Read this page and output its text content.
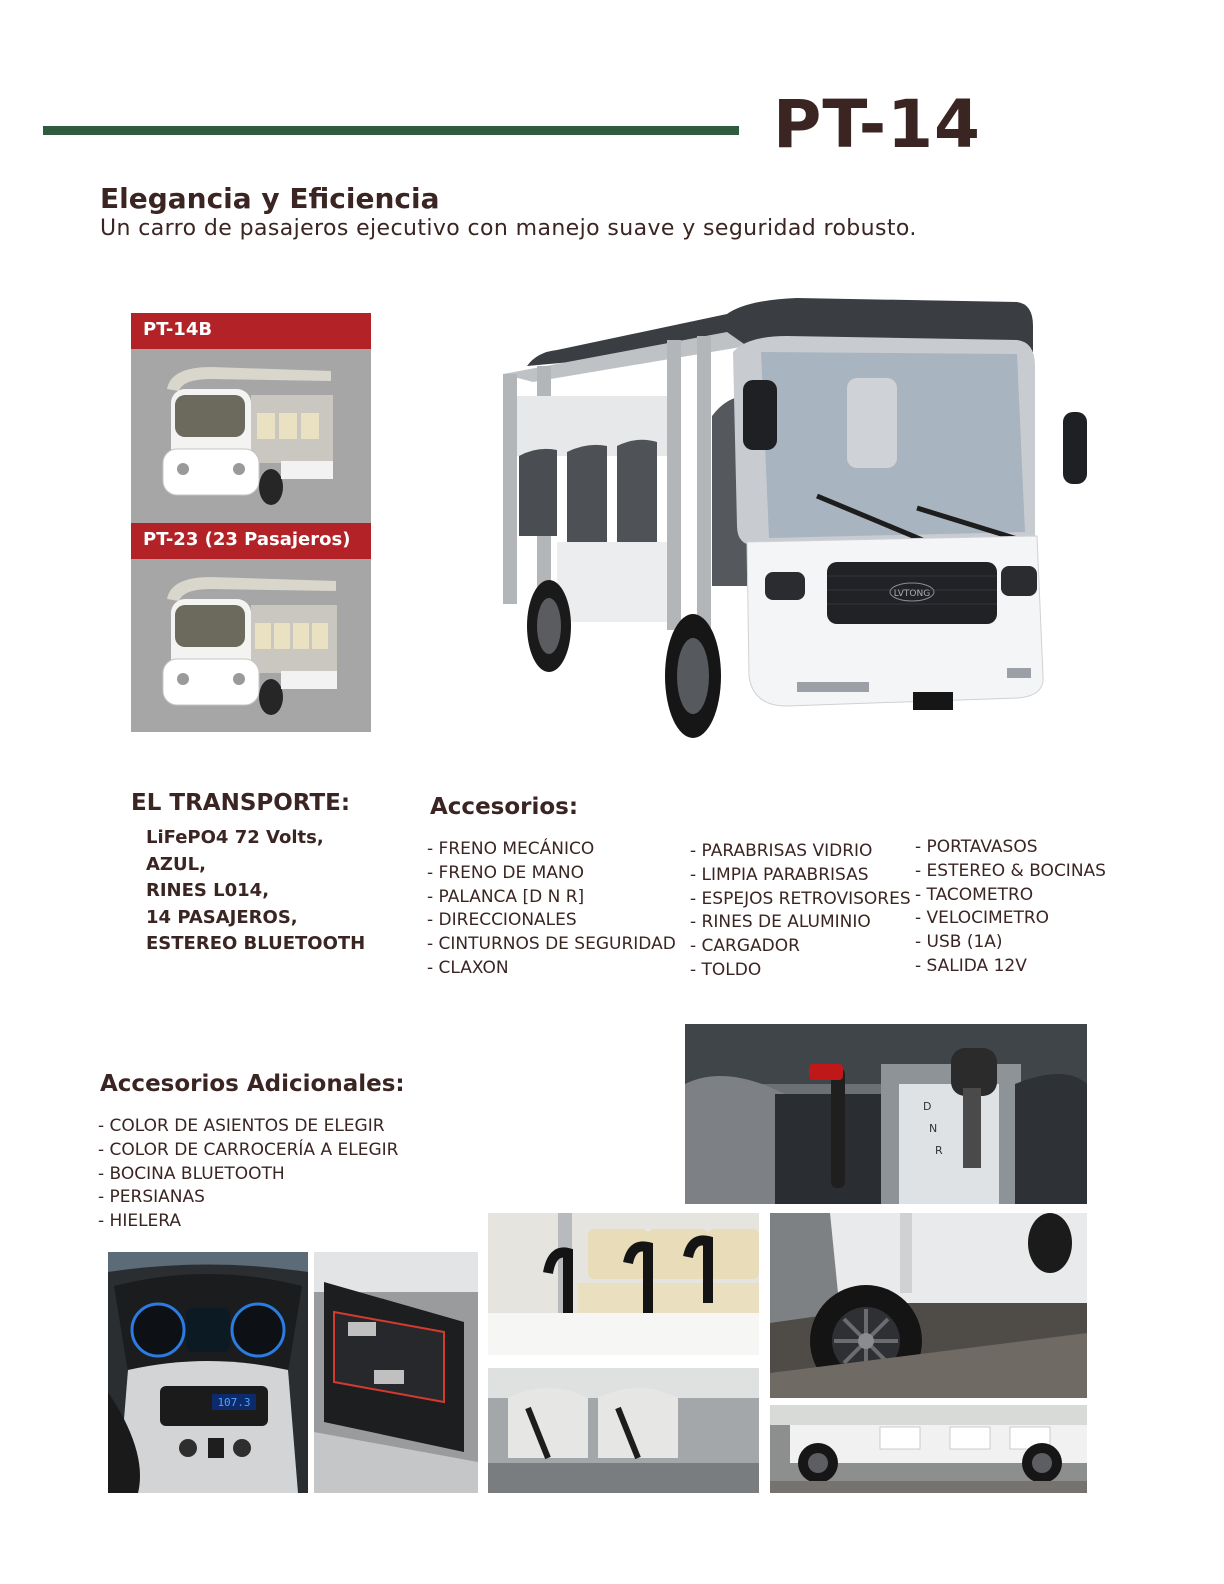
PT-14
Elegancia y Eficiencia
Un carro de pasajeros ejecutivo con manejo suave y seguridad robusto.
PT-14B
PT-23 (23 Pasajeros)
LVTONG
EL TRANSPORTE:
LiFePO4 72 Volts,
AZUL,
RINES L014,
14 PASAJEROS,
ESTEREO BLUETOOTH
Accesorios:
- FRENO MECÁNICO
- FRENO DE MANO
- PALANCA [D N R]
- DIRECCIONALES
- CINTURNOS DE SEGURIDAD
- CLAXON
- PARABRISAS VIDRIO
- LIMPIA PARABRISAS
- ESPEJOS RETROVISORES
- RINES DE ALUMINIO
- CARGADOR
- TOLDO
- PORTAVASOS
- ESTEREO & BOCINAS
- TACOMETRO
- VELOCIMETRO
- USB (1A)
- SALIDA 12V
Accesorios Adicionales:
- COLOR DE ASIENTOS DE ELEGIR
- COLOR DE CARROCERÍA A ELEGIR
- BOCINA BLUETOOTH
- PERSIANAS
- HIELERA
D
N
R
107.3
